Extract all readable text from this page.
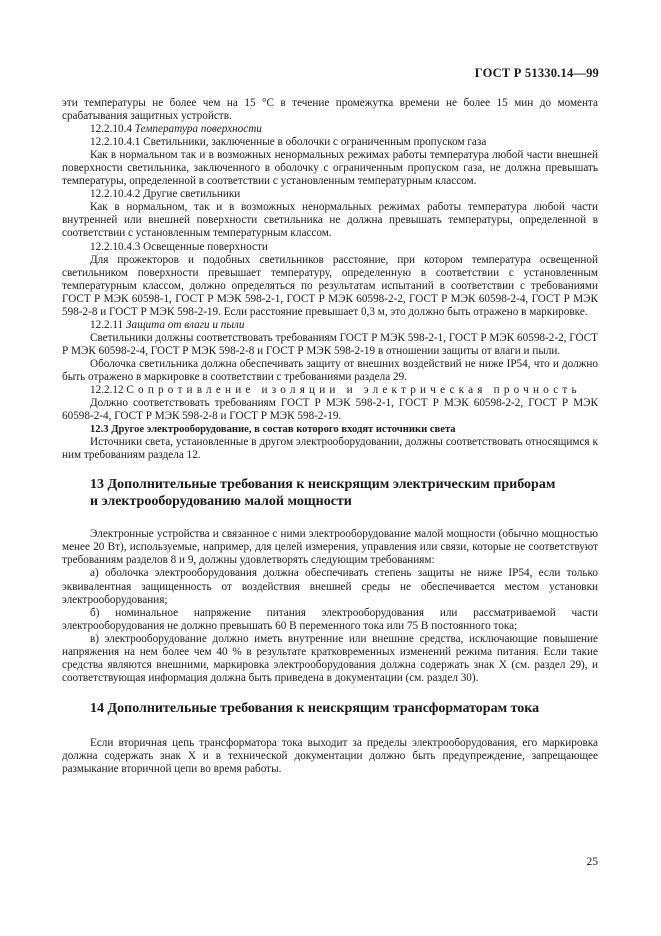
ГОСТ Р 51330.14—99

эти температуры не более чем на 15 °С в течение промежутка времени не более 15 мин до момента срабатывания защитных устройств.

12.2.10.4 Температура поверхности

12.2.10.4.1 Светильники, заключенные в оболочки с ограниченным пропуском газа

Как в нормальном так и в возможных ненормальных режимах работы температура любой части внешней поверхности светильника, заключенного в оболочку с ограниченным пропуском газа, не должна превышать температуры, определенной в соответствии с установленным температурным классом.

12.2.10.4.2 Другие светильники

Как в нормальном, так и в возможных ненормальных режимах работы температура любой части внутренней или внешней поверхности светильника не должна превышать температуры, определенной в соответствии с установленным температурным классом.

12.2.10.4.3 Освещенные поверхности

Для прожекторов и подобных светильников расстояние, при котором температура освещенной светильником поверхности превышает температуру, определенную в соответствии с установленным температурным классом, должно определяться по результатам испытаний в соответствии с требованиями ГОСТ Р МЭК 60598-1, ГОСТ Р МЭК 598-2-1, ГОСТ Р МЭК 60598-2-2, ГОСТ Р МЭК 60598-2-4, ГОСТ Р МЭК 598-2-8 и ГОСТ Р МЭК 598-2-19. Если расстояние превышает 0,3 м, это должно быть отражено в маркировке.

12.2.11 Защита от влаги и пыли

Светильники должны соответствовать требованиям ГОСТ Р МЭК 598-2-1, ГОСТ Р МЭК 60598-2-2, ГОСТ Р МЭК 60598-2-4, ГОСТ Р МЭК 598-2-8 и ГОСТ Р МЭК 598-2-19 в отношении защиты от влаги и пыли.

Оболочка светильника должна обеспечивать защиту от внешних воздействий не ниже IP54, что и должно быть отражено в маркировке в соответствии с требованиями раздела 29.

12.2.12 Сопротивление изоляции и электрическая прочность

Должно соответствовать требованиям ГОСТ Р МЭК 598-2-1, ГОСТ Р МЭК 60598-2-2, ГОСТ Р МЭК 60598-2-4, ГОСТ Р МЭК 598-2-8 и ГОСТ Р МЭК 598-2-19.

12.3 Другое электрооборудование, в состав которого входят источники света

Источники света, установленные в другом электрооборудовании, должны соответствовать относящимся к ним требованиям раздела 12.

13 Дополнительные требования к неискрящим электрическим приборам
и электрооборудованию малой мощности

Электронные устройства и связанное с ними электрооборудование малой мощности (обычно мощностью менее 20 Вт), используемые, например, для целей измерения, управления или связи, которые не соответствуют требованиям разделов 8 и 9, должны удовлетворять следующим требованиям:

а) оболочка электрооборудования должна обеспечивать степень защиты не ниже IP54, если только эквивалентная защищенность от воздействия внешней среды не обеспечивается местом установки электрооборудования;

б) номинальное напряжение питания электрооборудования или рассматриваемой части электрооборудования не должно превышать 60 В переменного тока или 75 В постоянного тока;

в) электрооборудование должно иметь внутренние или внешние средства, исключающие повышение напряжения на нем более чем 40 % в результате кратковременных изменений режима питания. Если такие средства являются внешними, маркировка электрооборудования должна содержать знак X (см. раздел 29), и соответствующая информация должна быть приведена в документации (см. раздел 30).

14 Дополнительные требования к неискрящим трансформаторам тока

Если вторичная цепь трансформатора тока выходит за пределы электрооборудования, его маркировка должна содержать знак X и в технической документации должно быть предупреждение, запрещающее размыкание вторичной цепи во время работы.

25
